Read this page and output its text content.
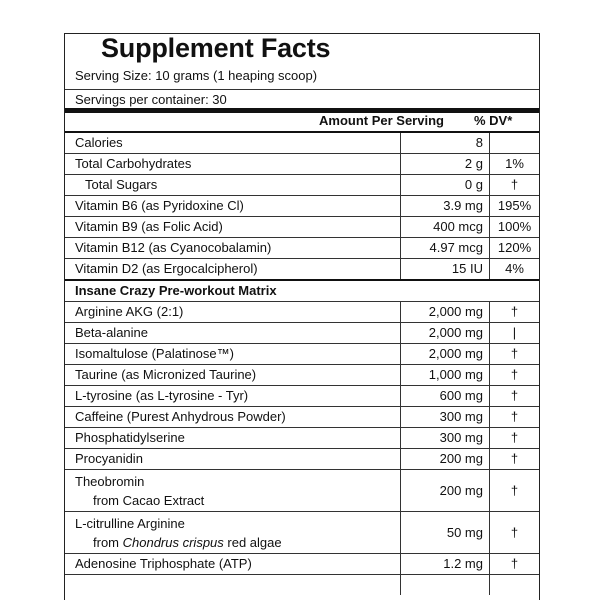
Supplement Facts
Serving Size: 10 grams (1 heaping scoop)
Servings per container: 30
Amount Per Serving % DV*
Calories	8	
Total Carbohydrates	2 g	1%
Total Sugars	0 g	†
Vitamin B6 (as Pyridoxine Cl)	3.9 mg	195%
Vitamin B9 (as Folic Acid)	400 mcg	100%
Vitamin B12 (as Cyanocobalamin)	4.97 mcg	120%
Vitamin D2 (as Ergocalcipherol)	15 IU	4%
Insane Crazy Pre-workout Matrix		
Arginine AKG (2:1)	2,000 mg	†
Beta-alanine	2,000 mg	|
Isomaltulose (Palatinose™)	2,000 mg	†
Taurine (as Micronized Taurine)	1,000 mg	†
L-tyrosine (as L-tyrosine - Tyr)	600 mg	†
Caffeine (Purest Anhydrous Powder)	300 mg	†
Phosphatidylserine	300 mg	†
Procyanidin	200 mg	†

Theobromin
from Cacao Extract	200 mg	†

L-citrulline Arginine
from Chondrus crispus red algae	50 mg	†
Adenosine Triphosphate (ATP)	1.2 mg	†
